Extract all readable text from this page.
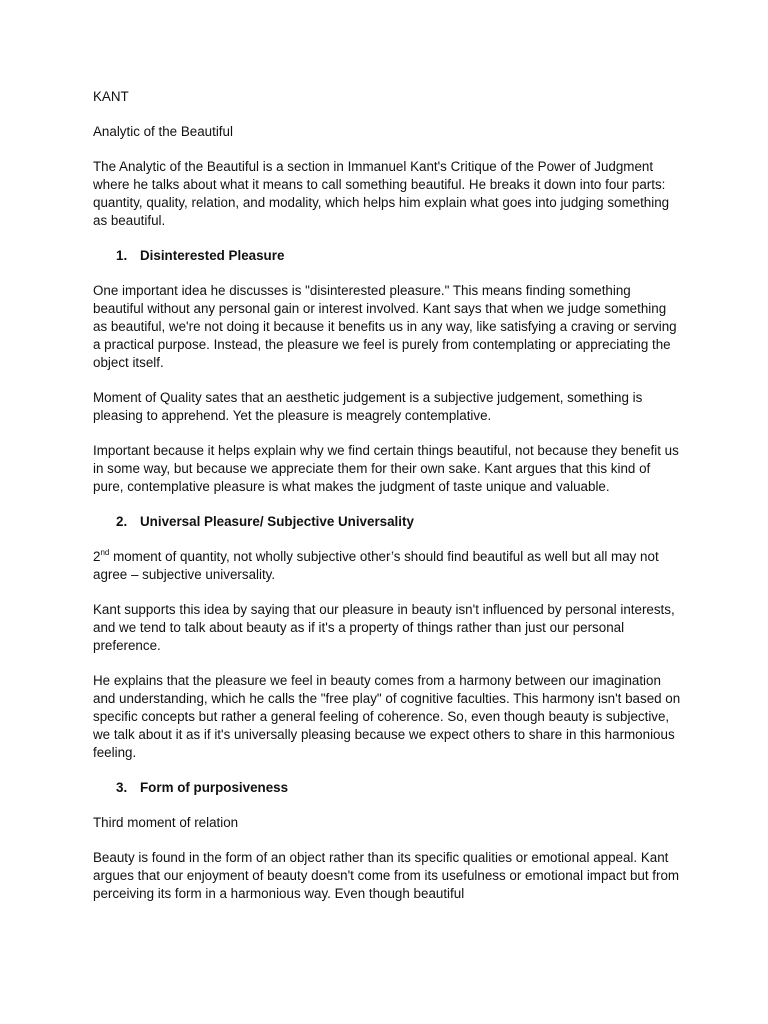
KANT

Analytic of the Beautiful

The Analytic of the Beautiful is a section in Immanuel Kant's Critique of the Power of Judgment where he talks about what it means to call something beautiful. He breaks it down into four parts: quantity, quality, relation, and modality, which helps him explain what goes into judging something as beautiful.

1. Disinterested Pleasure

One important idea he discusses is "disinterested pleasure." This means finding something beautiful without any personal gain or interest involved. Kant says that when we judge something as beautiful, we're not doing it because it benefits us in any way, like satisfying a craving or serving a practical purpose. Instead, the pleasure we feel is purely from contemplating or appreciating the object itself.

Moment of Quality sates that an aesthetic judgement is a subjective judgement, something is pleasing to apprehend. Yet the pleasure is meagrely contemplative.

Important because it helps explain why we find certain things beautiful, not because they benefit us in some way, but because we appreciate them for their own sake. Kant argues that this kind of pure, contemplative pleasure is what makes the judgment of taste unique and valuable.

2. Universal Pleasure/ Subjective Universality

2nd moment of quantity, not wholly subjective other’s should find beautiful as well but all may not agree – subjective universality.

Kant supports this idea by saying that our pleasure in beauty isn't influenced by personal interests, and we tend to talk about beauty as if it's a property of things rather than just our personal preference.

He explains that the pleasure we feel in beauty comes from a harmony between our imagination and understanding, which he calls the "free play" of cognitive faculties. This harmony isn't based on specific concepts but rather a general feeling of coherence. So, even though beauty is subjective, we talk about it as if it's universally pleasing because we expect others to share in this harmonious feeling.

3. Form of purposiveness

Third moment of relation

Beauty is found in the form of an object rather than its specific qualities or emotional appeal. Kant argues that our enjoyment of beauty doesn't come from its usefulness or emotional impact but from perceiving its form in a harmonious way. Even though beautiful
